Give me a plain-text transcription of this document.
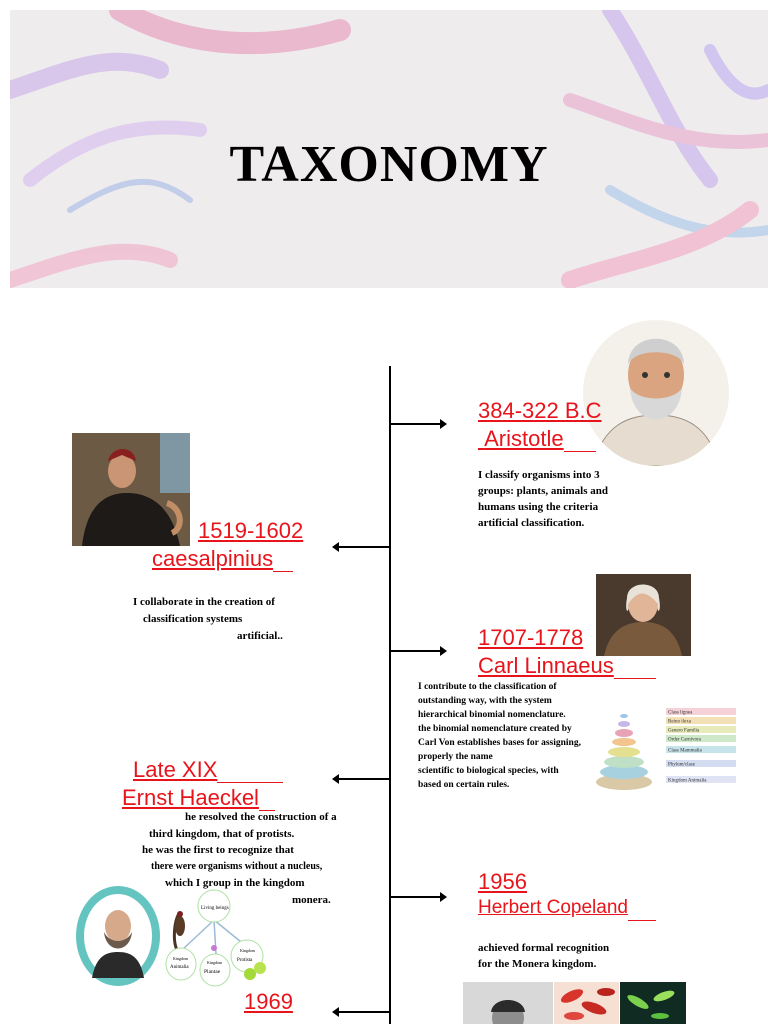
TAXONOMY
384-322 B.C
Aristotle
I classify organisms into 3
groups: plants, animals and
humans using the criteria
artificial classification.
1519-1602
caesalpinius
I collaborate in the creation of
classification systems
artificial..	1707-1778
Carl Linnaeus
I contribute to the classification of
outstanding way, with the system
hierarchical binomial nomenclature.
the binomial nomenclature created by
Carl Von establishes bases for assigning,
properly the name
scientific to biological species, with
based on certain rules.
Class lignea
Reino ilexa
Genero Familia
Order Carnivora
Class Mammalia
Phylum/clase
Kingdom Animalia
Late XIX
Ernst Haeckel
he resolved the construction of a
third kingdom, that of protists.
he was the first to recognize that
there were organisms without a nucleus,
which I group in the kingdom
monera.
Living beings
Kingdom
Animalia
Kingdom
Plantae
Kingdom
Protista
1956
Herbert Copeland
achieved formal recognition
for the Monera kingdom.
1969
